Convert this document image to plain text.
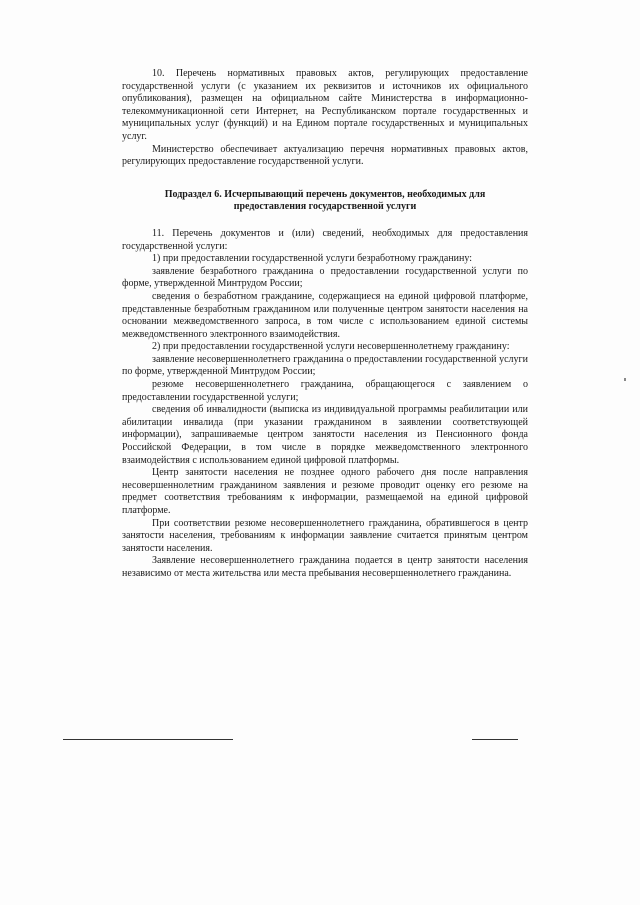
10. Перечень нормативных правовых актов, регулирующих предоставление государственной услуги (с указанием их реквизитов и источников их официального опубликования), размещен на официальном сайте Министерства в информационно-телекоммуникационной сети Интернет, на Республиканском портале государственных и муниципальных услуг (функций) и на Едином портале государственных и муниципальных услуг.

Министерство обеспечивает актуализацию перечня нормативных правовых актов, регулирующих предоставление государственной услуги.

Подраздел 6. Исчерпывающий перечень документов, необходимых для предоставления государственной услуги

11. Перечень документов и (или) сведений, необходимых для предоставления государственной услуги:

1) при предоставлении государственной услуги безработному гражданину:

заявление безработного гражданина о предоставлении государственной услуги по форме, утвержденной Минтрудом России;

сведения о безработном гражданине, содержащиеся на единой цифровой платформе, представленные безработным гражданином или полученные центром занятости населения на основании межведомственного запроса, в том числе с использованием единой системы межведомственного электронного взаимодействия.

2) при предоставлении государственной услуги несовершеннолетнему гражданину:

заявление несовершеннолетнего гражданина о предоставлении государственной услуги по форме, утвержденной Минтрудом России;

резюме несовершеннолетнего гражданина, обращающегося с заявлением о предоставлении государственной услуги;

сведения об инвалидности (выписка из индивидуальной программы реабилитации или абилитации инвалида (при указании гражданином в заявлении соответствующей информации), запрашиваемые центром занятости населения из Пенсионного фонда Российской Федерации, в том числе в порядке межведомственного электронного взаимодействия с использованием единой цифровой платформы.

Центр занятости населения не позднее одного рабочего дня после направления несовершеннолетним гражданином заявления и резюме проводит оценку его резюме на предмет соответствия требованиям к информации, размещаемой на единой цифровой платформе.

При соответствии резюме несовершеннолетнего гражданина, обратившегося в центр занятости населения, требованиям к информации заявление считается принятым центром занятости населения.

Заявление несовершеннолетнего гражданина подается в центр занятости населения независимо от места жительства или места пребывания несовершеннолетнего гражданина.
